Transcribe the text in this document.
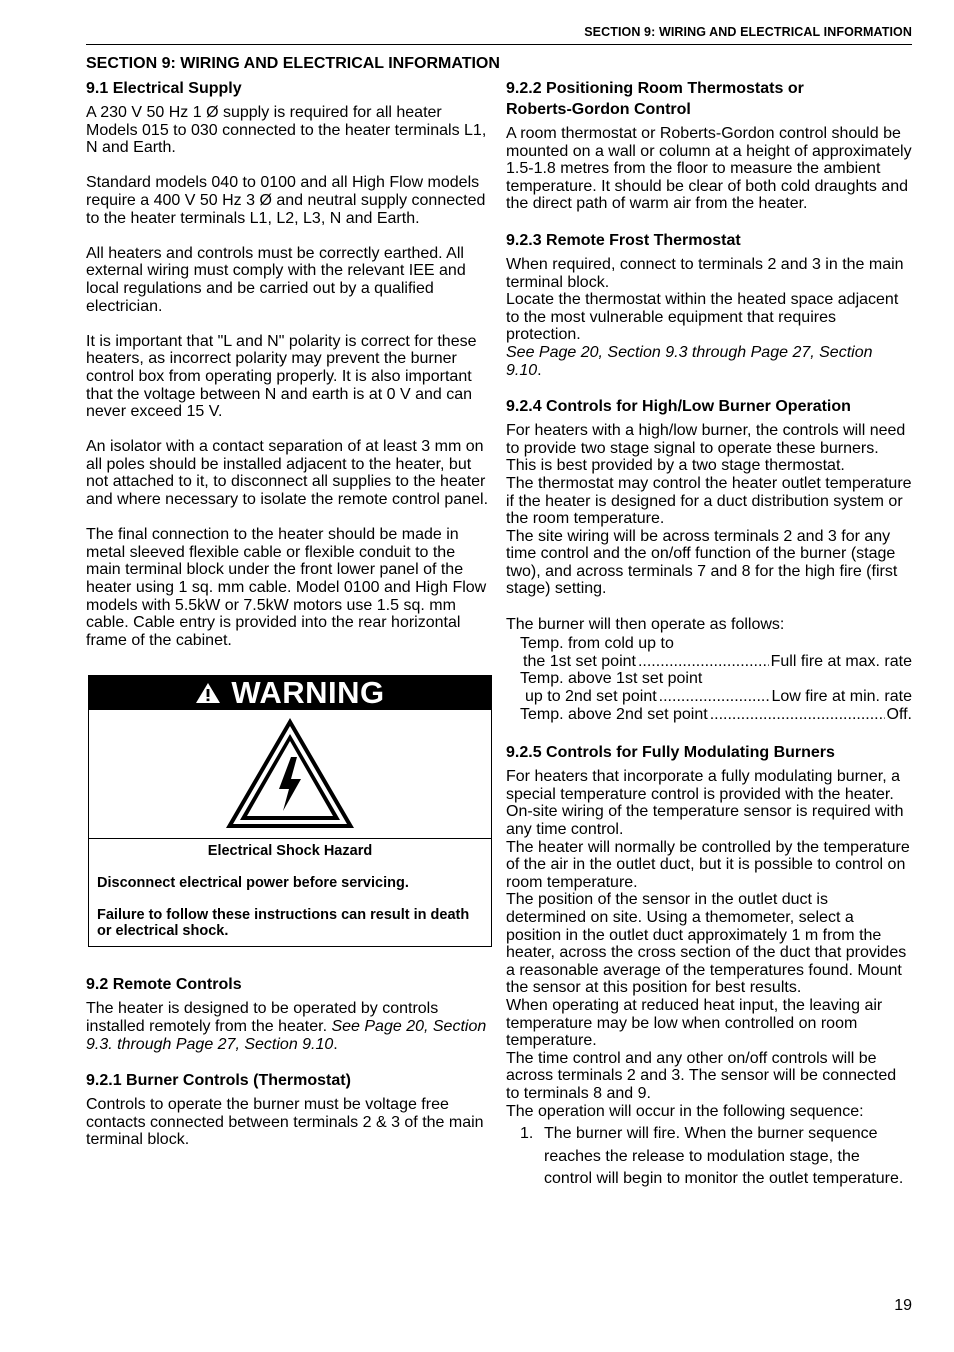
SECTION 9: WIRING AND ELECTRICAL INFORMATION
SECTION 9: WIRING AND ELECTRICAL INFORMATION
9.1 Electrical Supply

A 230 V 50 Hz 1 Ø supply is required for all heater Models 015 to 030 connected to the heater terminals L1, N and Earth.

Standard models 040 to 0100 and all High Flow models require a 400 V 50 Hz 3 Ø and neutral supply connected to the heater terminals L1, L2, L3, N and Earth.

All heaters and controls must be correctly earthed. All external wiring must comply with the relevant IEE and local regulations and be carried out by a qualified electrician.

It is important that "L and N" polarity is correct for these heaters, as incorrect polarity may prevent the burner control box from operating properly. It is also important that the voltage between N and earth is at 0 V and can never exceed 15 V.

An isolator with a contact separation of at least 3 mm on all poles should be installed adjacent to the heater, but not attached to it, to disconnect all supplies to the heater and where necessary to isolate the remote control panel.

The final connection to the heater should be made in metal sleeved flexible cable or flexible conduit to the main terminal block under the front lower panel of the heater using 1 sq. mm cable. Model 0100 and High Flow models with 5.5kW or 7.5kW motors use 1.5 sq. mm cable. Cable entry is provided into the rear horizontal frame of the cabinet.

WARNING
Electrical Shock Hazard
Disconnect electrical power before servicing.
Failure to follow these instructions can result in death or electrical shock.
9.2 Remote Controls

The heater is designed to be operated by controls installed remotely from the heater. See Page 20, Section 9.3. through Page 27, Section 9.10.

9.2.1 Burner Controls (Thermostat)

Controls to operate the burner must be voltage free contacts connected between terminals 2 & 3 of the main terminal block.

9.2.2 Positioning Room Thermostats or
Roberts-Gordon Control

A room thermostat or Roberts-Gordon control should be mounted on a wall or column at a height of approximately 1.5-1.8 metres from the floor to measure the ambient temperature. It should be clear of both cold draughts and the direct path of warm air from the heater.

9.2.3 Remote Frost Thermostat

When required, connect to terminals 2 and 3 in the main terminal block.

Locate the thermostat within the heated space adjacent to the most vulnerable equipment that requires protection.

See Page 20, Section 9.3 through Page 27, Section 9.10.

9.2.4 Controls for High/Low Burner Operation

For heaters with a high/low burner, the controls will need to provide two stage signal to operate these burners. This is best provided by a two stage thermostat.

The thermostat may control the heater outlet temperature if the heater is designed for a duct distribution system or the room temperature.

The site wiring will be across terminals 2 and 3 for any time control and the on/off function of the burner (stage two), and across terminals 7 and 8 for the high fire (first stage) setting.

The burner will then operate as follows:

Temp. from cold up to
the 1st set point .....	Full fire at max. rate
Temp. above 1st set point
up to 2nd set point .....	Low fire at min. rate
Temp. above 2nd set point .....	Off.
9.2.5 Controls for Fully Modulating Burners

For heaters that incorporate a fully modulating burner, a special temperature control is provided with the heater. On-site wiring of the temperature sensor is required with any time control.

The heater will normally be controlled by the temperature of the air in the outlet duct, but it is possible to control on room temperature.

The position of the sensor in the outlet duct is determined on site. Using a themometer, select a position in the outlet duct approximately 1 m from the heater, across the cross section of the duct that provides a reasonable average of the temperatures found. Mount the sensor at this position for best results.

When operating at reduced heat input, the leaving air temperature may be low when controlled on room temperature.

The time control and any other on/off controls will be across terminals 2 and 3. The sensor will be connected to terminals 8 and 9.

The operation will occur in the following sequence:

1. The burner will fire. When the burner sequence reaches the release to modulation stage, the control will begin to monitor the outlet temperature.
19
